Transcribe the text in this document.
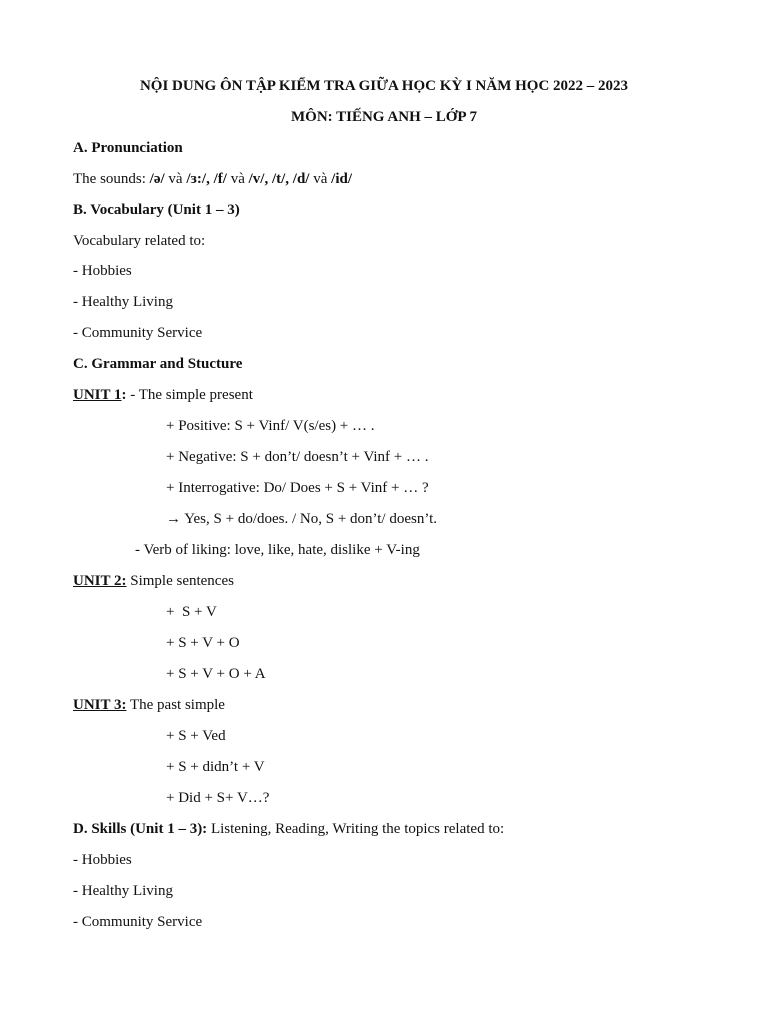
NỘI DUNG ÔN TẬP KIỂM TRA GIỮA HỌC KỲ I NĂM HỌC 2022 – 2023
MÔN: TIẾNG ANH – LỚP 7
A. Pronunciation
The sounds: /ə/ và /ɜ:/, /f/ và /v/, /t/, /d/ và /id/
B. Vocabulary (Unit 1 – 3)
Vocabulary related to:
- Hobbies
- Healthy Living
- Community Service
C. Grammar and Stucture
UNIT 1: - The simple present
+ Positive: S + Vinf/ V(s/es) + … .
+ Negative: S + don’t/ doesn’t + Vinf + … .
+ Interrogative: Do/ Does + S + Vinf + … ?
→ Yes, S + do/does. / No, S + don’t/ doesn’t.
- Verb of liking: love, like, hate, dislike + V-ing
UNIT 2: Simple sentences
+  S + V
+ S + V + O
+ S + V + O + A
UNIT 3: The past simple
+ S + Ved
+ S + didn’t + V
+ Did + S+ V…?
D. Skills (Unit 1 – 3): Listening, Reading, Writing the topics related to:
- Hobbies
- Healthy Living
- Community Service
